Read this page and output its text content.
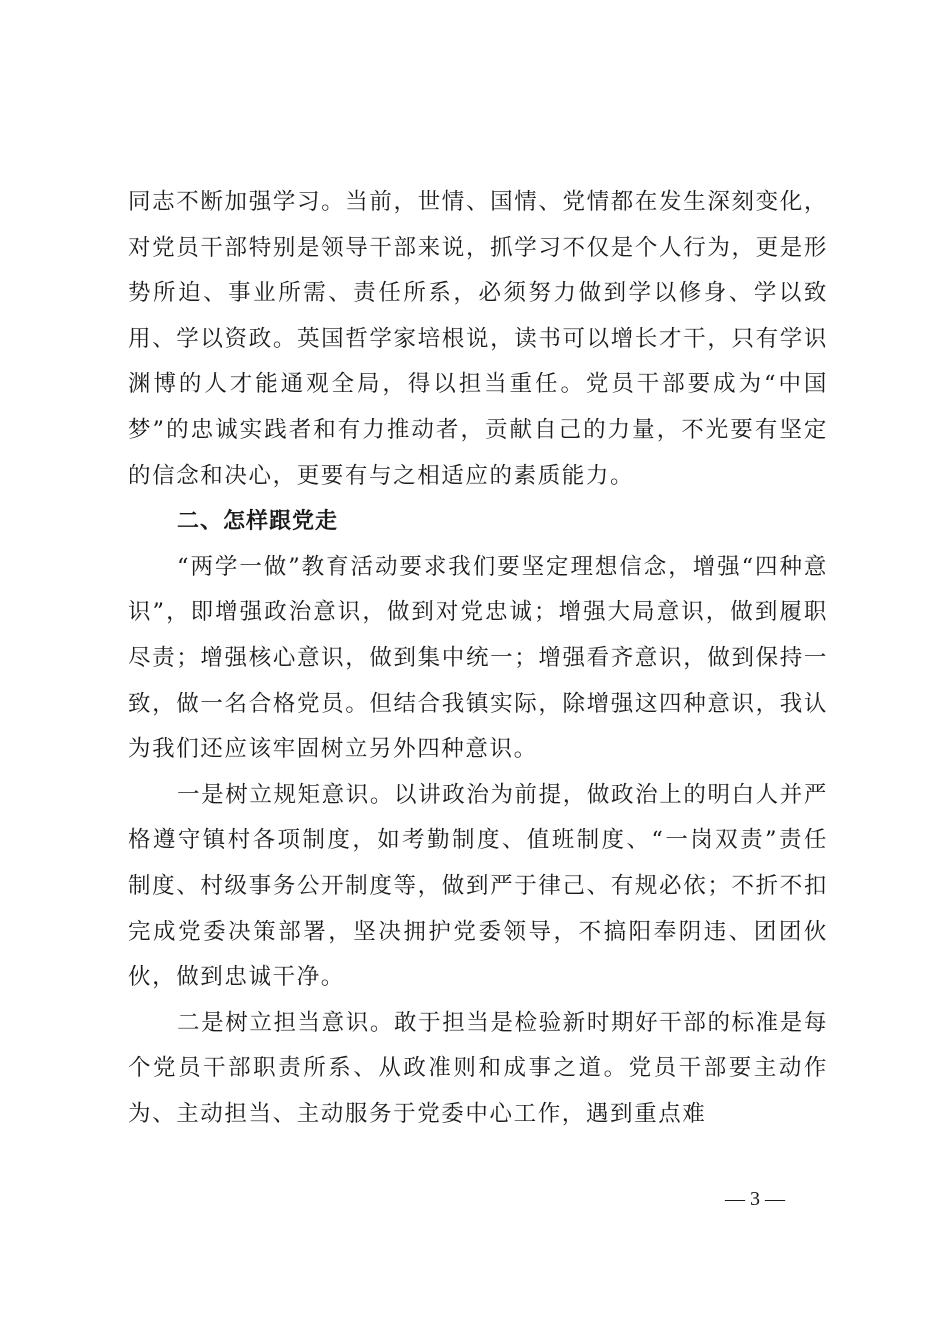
同志不断加强学习。当前，世情、国情、党情都在发生深刻变化，对党员干部特别是领导干部来说，抓学习不仅是个人行为，更是形势所迫、事业所需、责任所系，必须努力做到学以修身、学以致用、学以资政。英国哲学家培根说，读书可以增长才干，只有学识渊博的人才能通观全局，得以担当重任。党员干部要成为“中国梦”的忠诚实践者和有力推动者，贡献自己的力量，不光要有坚定的信念和决心，更要有与之相适应的素质能力。

二、怎样跟党走

“两学一做”教育活动要求我们要坚定理想信念，增强“四种意识”，即增强政治意识，做到对党忠诚；增强大局意识，做到履职尽责；增强核心意识，做到集中统一；增强看齐意识，做到保持一致，做一名合格党员。但结合我镇实际，除增强这四种意识，我认为我们还应该牢固树立另外四种意识。

一是树立规矩意识。以讲政治为前提，做政治上的明白人并严格遵守镇村各项制度，如考勤制度、值班制度、“一岗双责”责任制度、村级事务公开制度等，做到严于律己、有规必依；不折不扣完成党委决策部署，坚决拥护党委领导，不搞阳奉阴违、团团伙伙，做到忠诚干净。

二是树立担当意识。敢于担当是检验新时期好干部的标准是每个党员干部职责所系、从政准则和成事之道。党员干部要主动作为、主动担当、主动服务于党委中心工作，遇到重点难

— 3 —
